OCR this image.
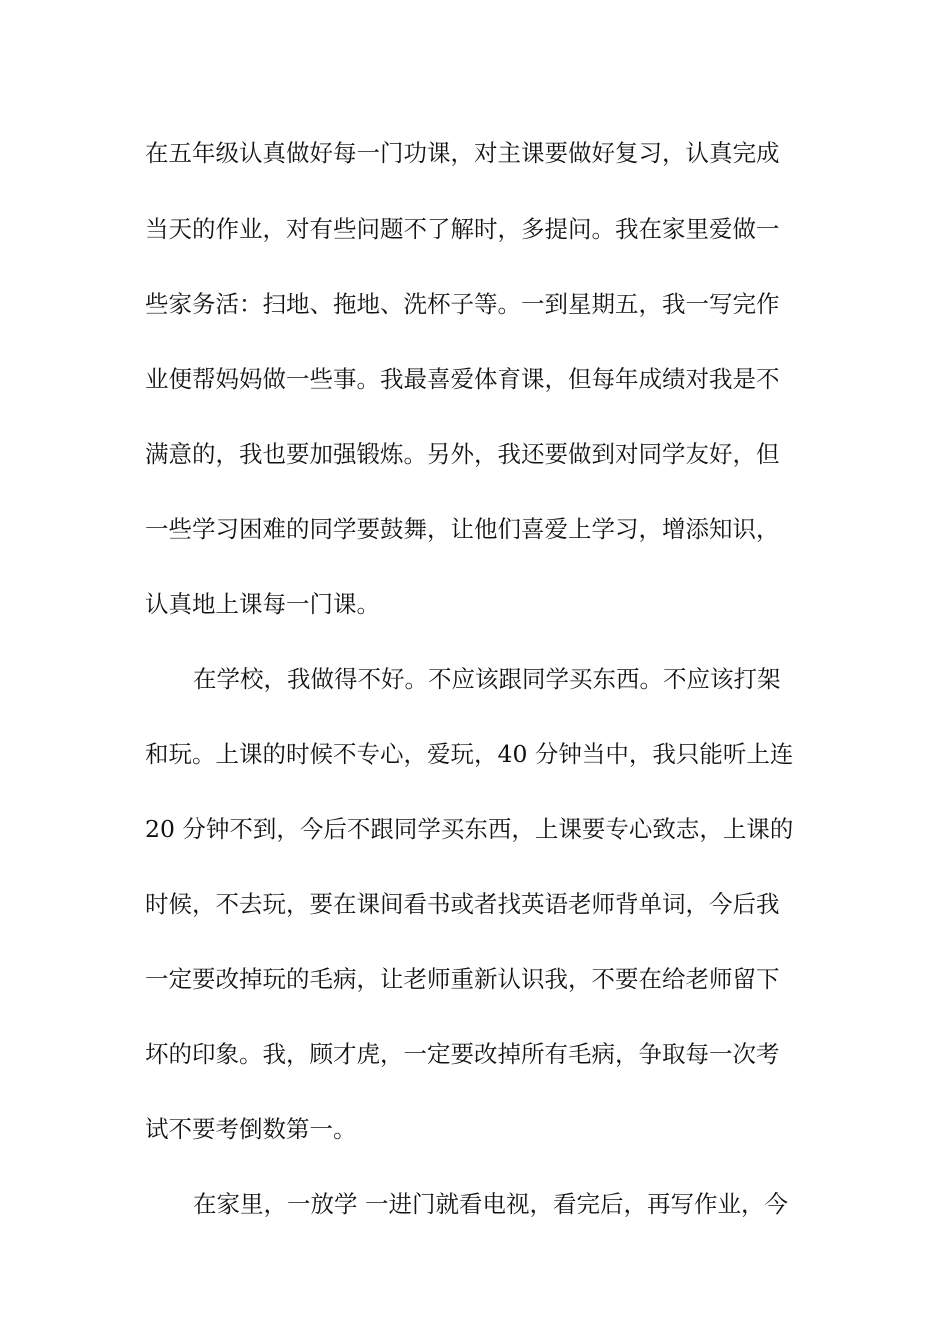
在五年级认真做好每一门功课，对主课要做好复习，认真完成
当天的作业，对有些问题不了解时，多提问。我在家里爱做一
些家务活：扫地、拖地、洗杯子等。一到星期五，我一写完作
业便帮妈妈做一些事。我最喜爱体育课，但每年成绩对我是不
满意的，我也要加强锻炼。另外，我还要做到对同学友好，但
一些学习困难的同学要鼓舞，让他们喜爱上学习，增添知识，
认真地上课每一门课。
在学校，我做得不好。不应该跟同学买东西。不应该打架
和玩。上课的时候不专心，爱玩，40 分钟当中，我只能听上连
20 分钟不到，今后不跟同学买东西，上课要专心致志，上课的
时候，不去玩，要在课间看书或者找英语老师背单词，今后我
一定要改掉玩的毛病，让老师重新认识我，不要在给老师留下
坏的印象。我，顾才虎，一定要改掉所有毛病，争取每一次考
试不要考倒数第一。
在家里，一放学 一进门就看电视，看完后，再写作业，今
